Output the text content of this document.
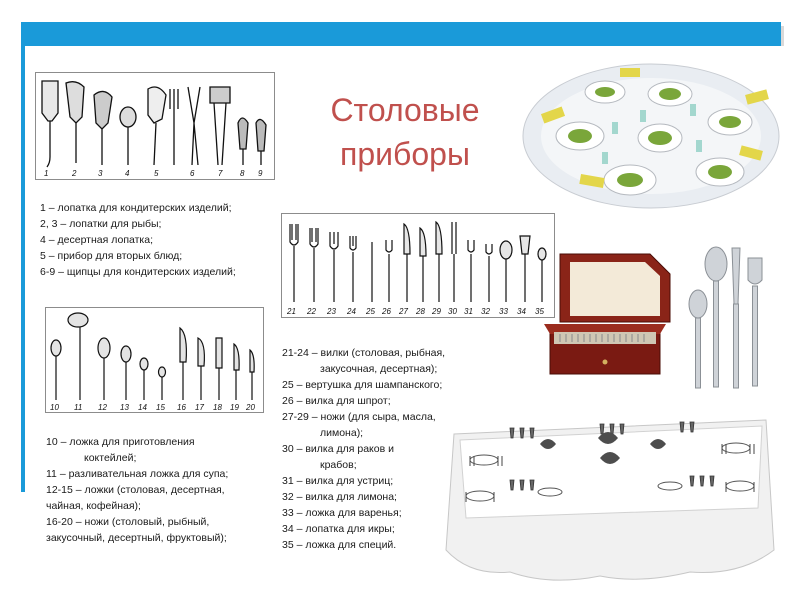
1	2	3	4	5	6	7 8 9
Столовые
приборы
1 – лопатка для кондитерских изделий;
2, 3 – лопатки для рыбы;
4 – десертная лопатка;
5 – прибор для вторых блюд;
6-9 – щипцы для кондитерских изделий;
21 22 23 24 25 26 27 28 29 30 31 32 33 34 35
10 11 12 13 14 15 16 17 18 19 20
21-24 – вилки (столовая, рыбная,
закусочная, десертная);
25 – вертушка для шампанского;
26 – вилка для шпрот;
27-29 – ножи (для сыра, масла,
лимона);
30 – вилка для раков и
крабов;
31 – вилка для устриц;
32 – вилка для лимона;
33 – ложка для варенья;
34 – лопатка для икры;
35 – ложка для специй.
10 – ложка для приготовления
коктейлей;
11 – разливательная ложка для супа;
12-15 – ложки (столовая, десертная,
чайная, кофейная);
16-20 – ножи (столовый, рыбный,
закусочный, десертный, фруктовый);
